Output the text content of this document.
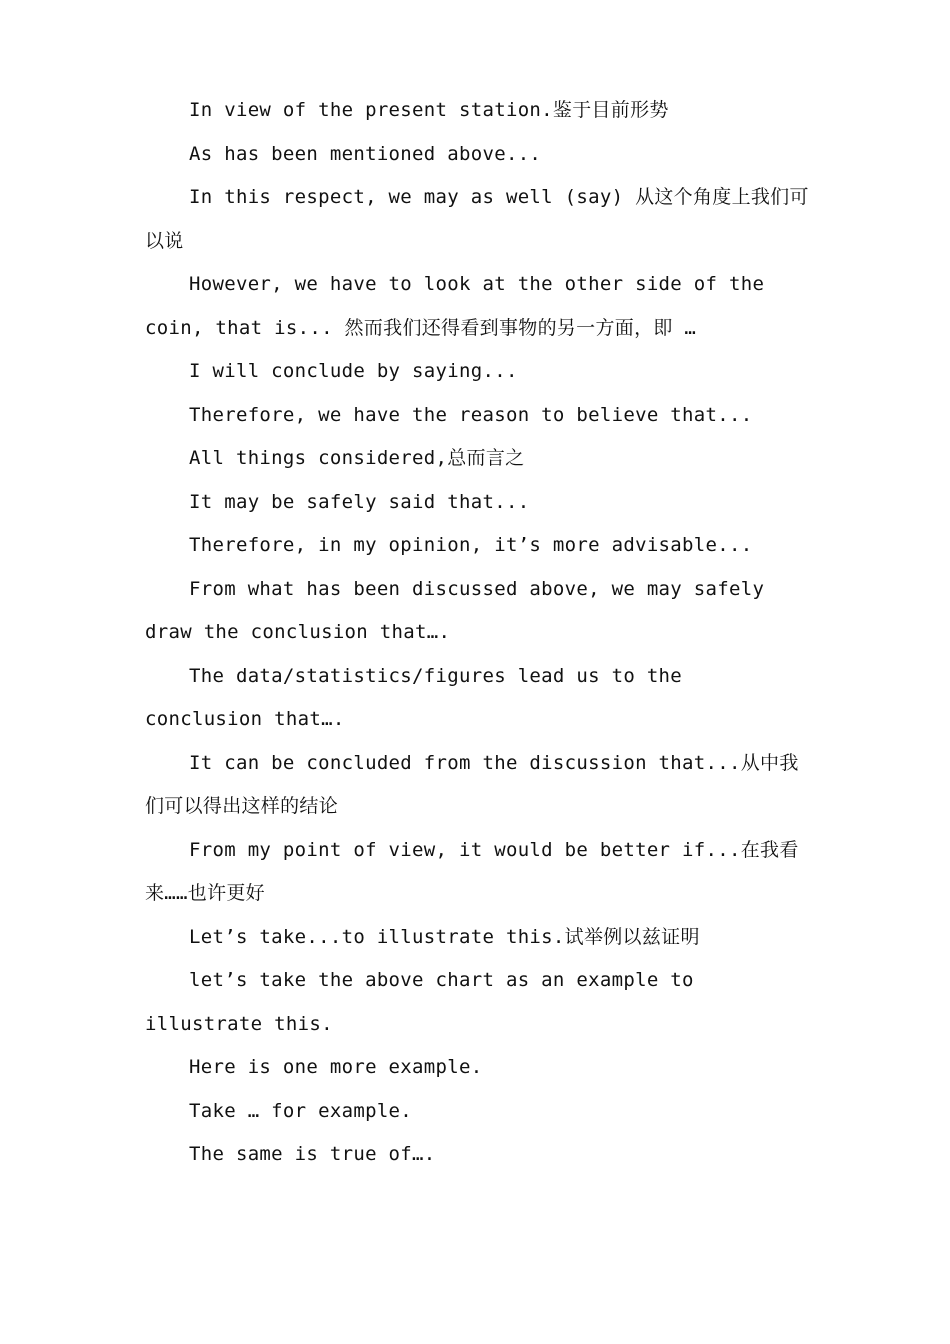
In view of the present station.鉴于目前形势

As has been mentioned above...

In this respect, we may as well (say) 从这个角度上我们可以说

However, we have to look at the other side of the coin, that is... 然而我们还得看到事物的另一方面，即 …

I will conclude by saying...

Therefore, we have the reason to believe that...

All things considered,总而言之

It may be safely said that...

Therefore, in my opinion, it’s more advisable...

From what has been discussed above, we may safely draw the conclusion that….

The data/statistics/figures lead us to the conclusion that….

It can be concluded from the discussion that...从中我们可以得出这样的结论

From my point of view, it would be better if...在我看来……也许更好

Let’s take...to illustrate this.试举例以兹证明

let’s take the above chart as an example to illustrate this.

Here is one more example.

Take … for example.

The same is true of….
